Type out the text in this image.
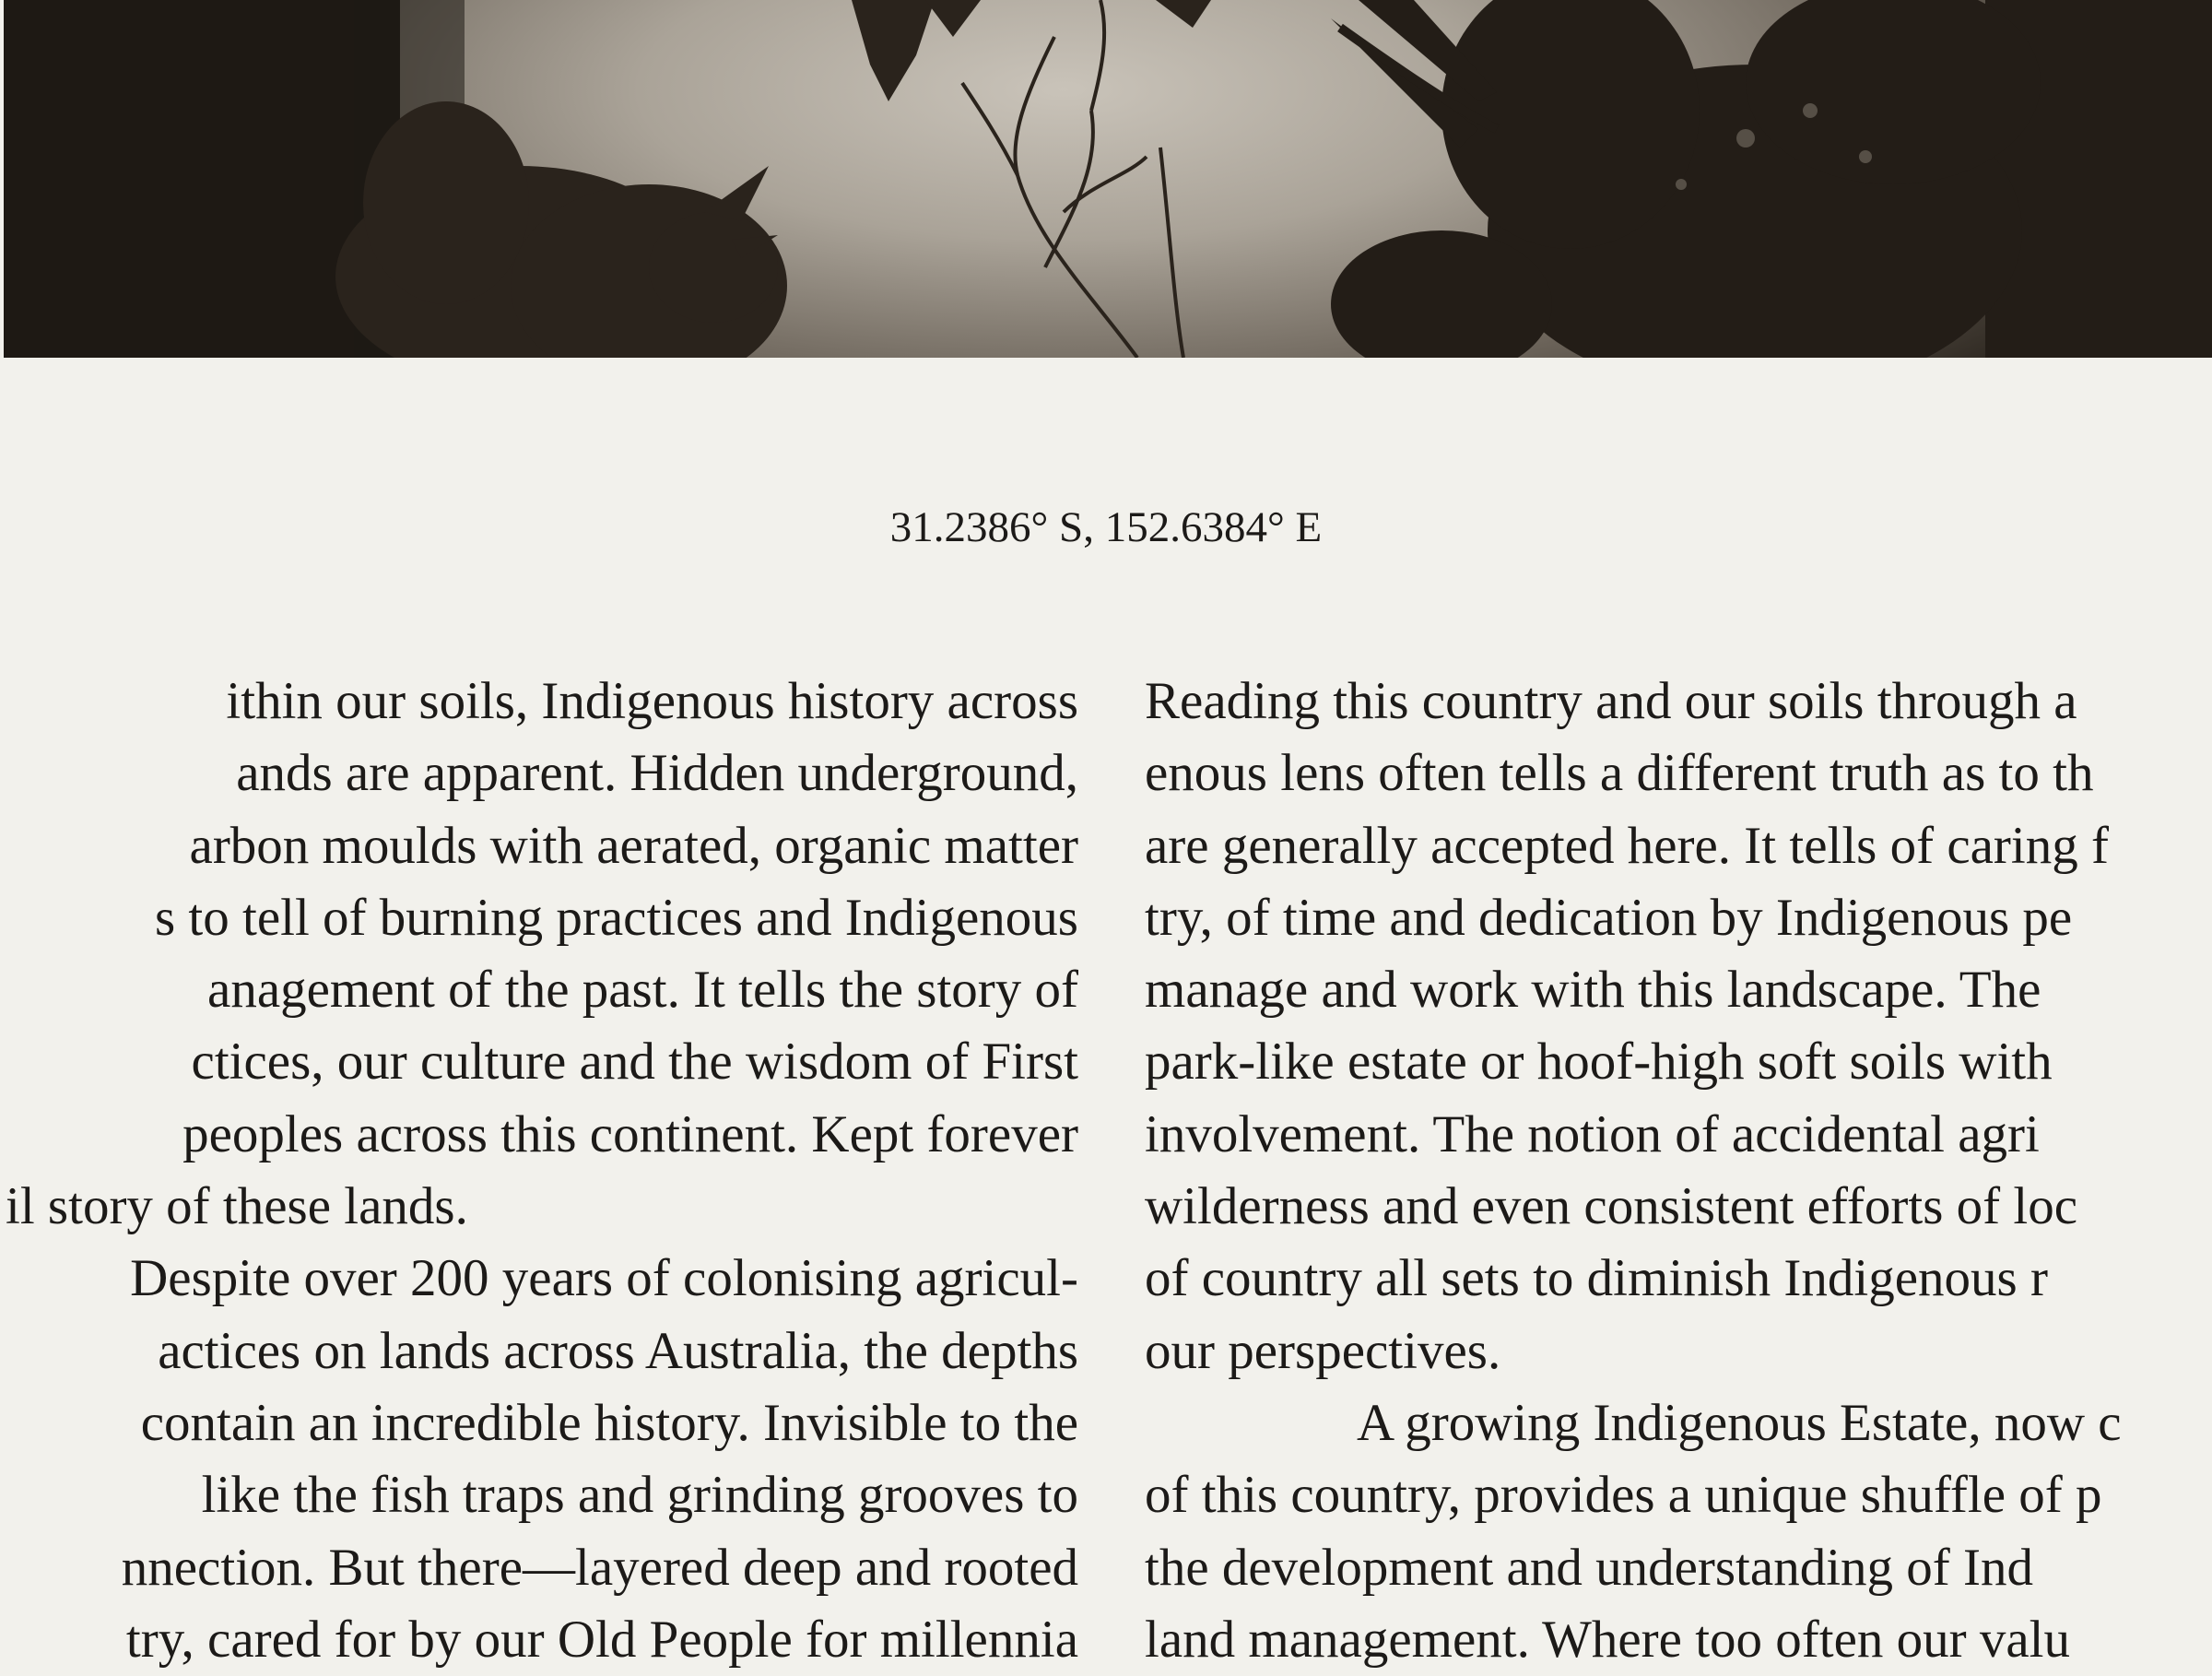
31.2386° S, 152.6384° E
ithin our soils, Indigenous history across
ands are apparent. Hidden underground,
arbon moulds with aerated, organic matter
s to tell of burning practices and Indigenous
anagement of the past. It tells the story of
ctices, our culture and the wisdom of First
peoples across this continent. Kept forever
il story of these lands.
Despite over 200 years of colonising agricul-
actices on lands across Australia, the depths
contain an incredible history. Invisible to the
like the fish traps and grinding grooves to
nnection. But there—layered deep and rooted
try, cared for by our Old People for millennia
Reading this country and our soils through a
enous lens often tells a different truth as to th
are generally accepted here. It tells of caring f
try, of time and dedication by Indigenous pe
manage and work with this landscape. The
park-like estate or hoof-high soft soils with
involvement. The notion of accidental agri
wilderness and even consistent efforts of loc
of country all sets to diminish Indigenous r
our perspectives.
A growing Indigenous Estate, now c
of this country, provides a unique shuffle of p
the development and understanding of Ind
land management. Where too often our valu
